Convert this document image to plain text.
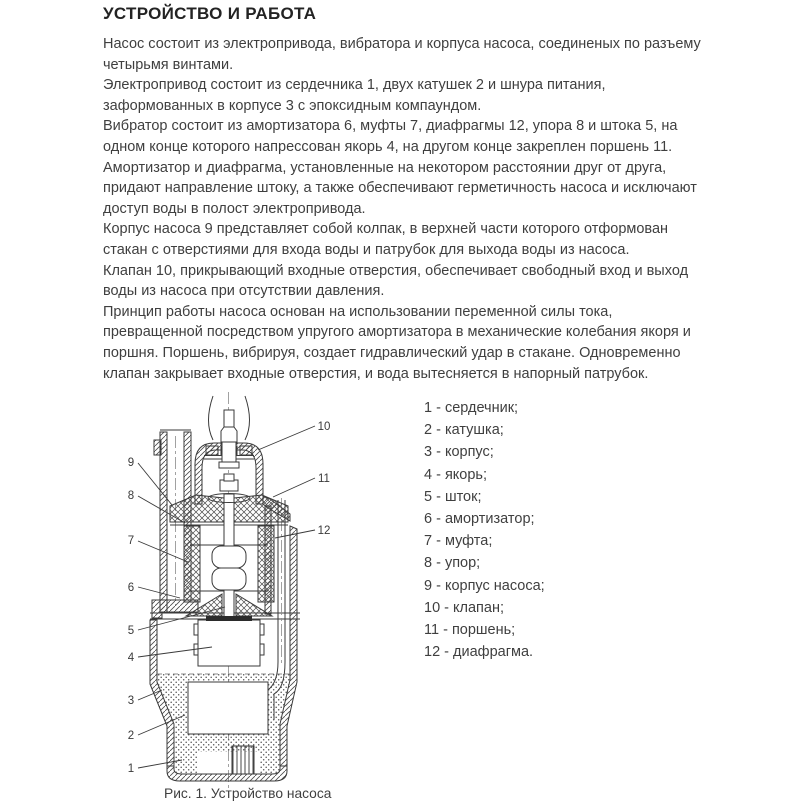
УСТРОЙСТВО И РАБОТА

Насос состоит из электропривода, вибратора и корпуса насоса, соединеных по разъему четырьмя винтами.

Электропривод состоит из сердечника 1, двух катушек 2 и шнура питания, заформованных в корпусе 3 с эпоксидным компаундом.

Вибратор состоит из амортизатора 6, муфты 7, диафрагмы 12, упора 8 и штока 5, на одном конце которого напрессован якорь 4, на другом конце закреплен поршень 11.

Амортизатор и диафрагма, установленные на некотором расстоянии друг от друга, придают направление штоку, а также обеспечивают герметичность насоса и исключают доступ воды в полост электропривода.

Корпус насоса 9 представляет собой колпак, в верхней части которого отформован стакан с отверстиями для входа воды и патрубок для выхода воды из насоса.

Клапан 10, прикрывающий входные отверстия, обеспечивает свободный вход и выход воды из насоса при отсутствии давления.

Принцип работы насоса основан на использовании переменной силы тока, превращенной посредством упругого амортизатора в механические колебания якоря и поршня. Поршень, вибрируя, создает гидравлический удар в стакане. Одновременно клапан закрывает входные отверстия, и вода вытесняется в напорный патрубок.

9
8
7
6
5
4
3
2
1
10
11
12
1 - сердечник;
2 - катушка;
3 - корпус;
4 - якорь;
5 - шток;
6 - амортизатор;
7 - муфта;
8 - упор;
9 - корпус насоса;
10 - клапан;
11 - поршень;
12 - диафрагма.
Рис. 1. Устройство насоса
